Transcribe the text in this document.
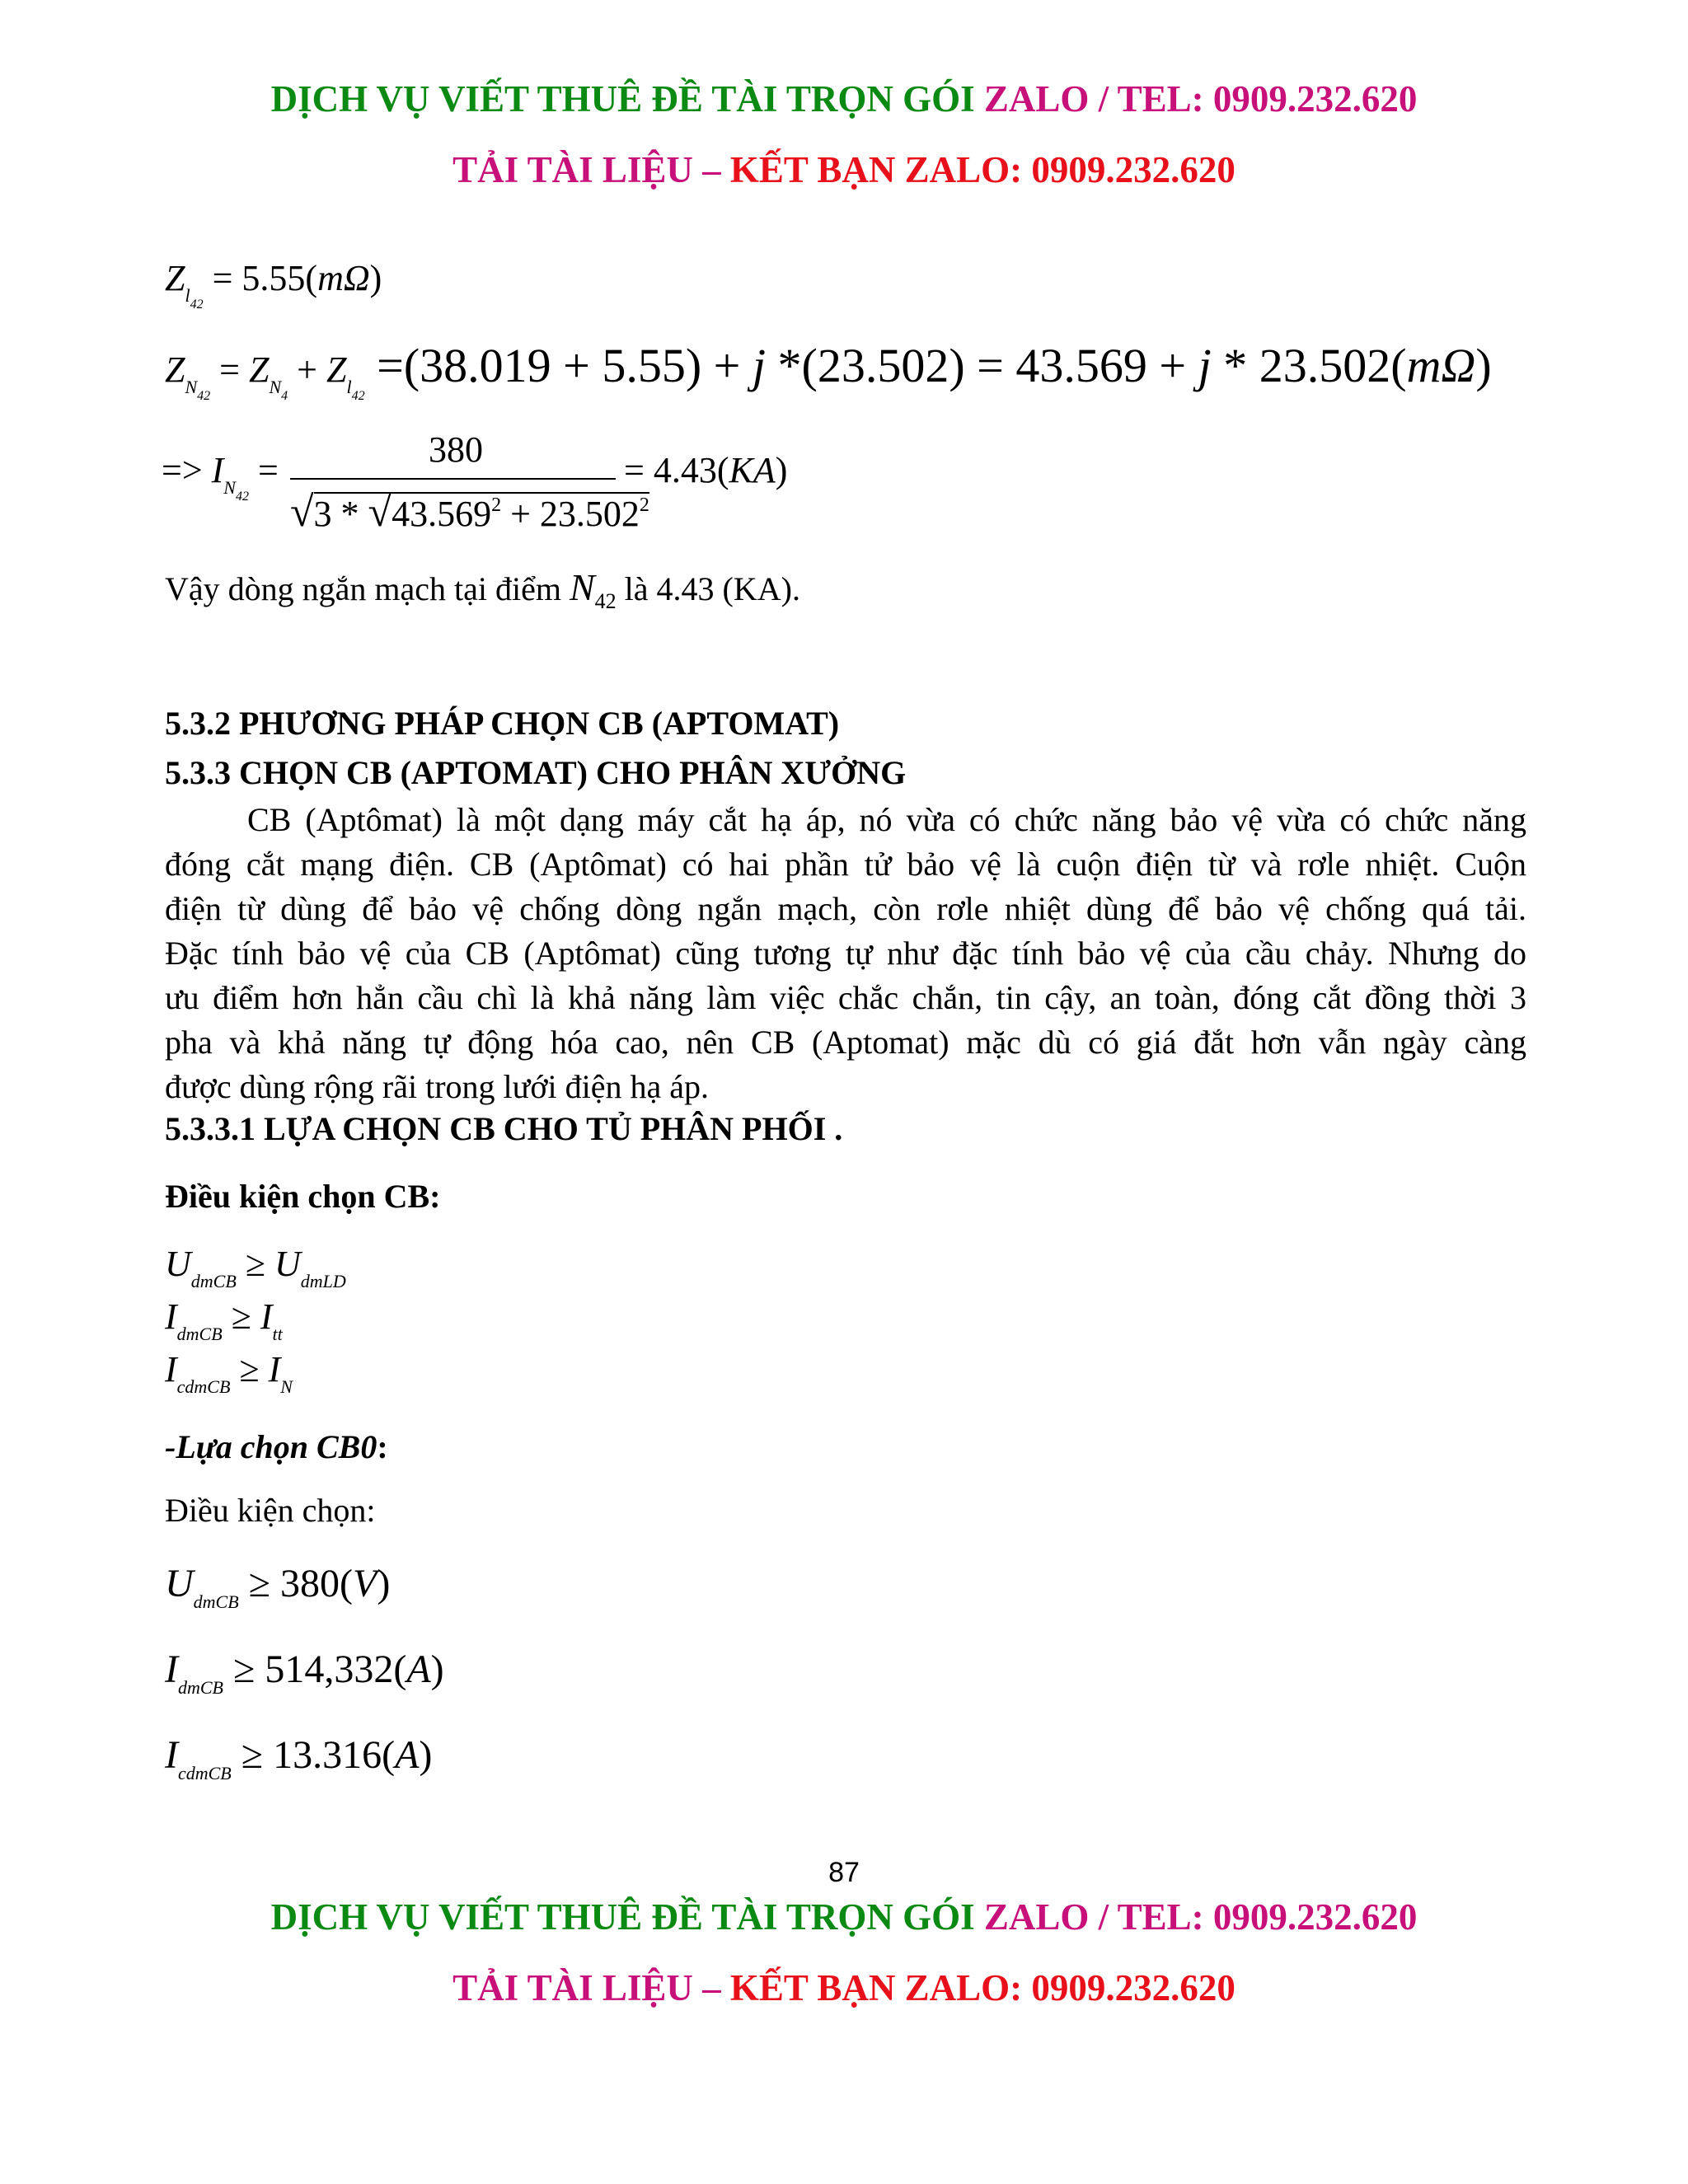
DỊCH VỤ VIẾT THUÊ ĐỀ TÀI TRỌN GÓI ZALO / TEL: 0909.232.620
TẢI TÀI LIỆU – KẾT BẠN ZALO: 0909.232.620
$Z_{l_{42}} = 5.55(m\Omega)$
$Z_{N_{42}} = Z_{N_4} + Z_{l_{42}} =(38.019 + 5.55) + j$ *(23.502) = 43.569 + j * 23.502(mΩ)
=> $I_{N_{42}}$ =
380
$√3 * √43.569^2 + 23.502^2$
= 4.43(KA)
Vậy dòng ngắn mạch tại điểm $N_{42}$ là 4.43 (KA).
5.3.2 PHƯƠNG PHÁP CHỌN CB (APTOMAT)
5.3.3 CHỌN CB (APTOMAT) CHO PHÂN XƯỞNG
CB (Aptômat) là một dạng máy cắt hạ áp, nó vừa có chức năng bảo vệ vừa có chức năng
đóng cắt mạng điện. CB (Aptômat) có hai phần tử bảo vệ là cuộn điện từ và rơle nhiệt. Cuộn
điện từ dùng để bảo vệ chống dòng ngắn mạch, còn rơle nhiệt dùng để bảo vệ chống quá tải.
Đặc tính bảo vệ của CB (Aptômat) cũng tương tự như đặc tính bảo vệ của cầu chảy. Nhưng do
ưu điểm hơn hẳn cầu chì là khả năng làm việc chắc chắn, tin cậy, an toàn, đóng cắt đồng thời 3
pha và khả năng tự động hóa cao, nên CB (Aptomat) mặc dù có giá đắt hơn vẫn ngày càng
được dùng rộng rãi trong lưới điện hạ áp.
5.3.3.1 LỰA CHỌN CB CHO TỦ PHÂN PHỐI .
Điều kiện chọn CB:
$U_{dmCB} \ge U_{dmLD}$
$I_{dmCB} \ge I_{tt}$
$I_{cdmCB} \ge I_N$
-Lựa chọn CB0:
Điều kiện chọn:
$U_{dmCB} \ge 380(V)$
$I_{dmCB} \ge 514,332(A)$
$I_{cdmCB} \ge 13.316(A)$
87
DỊCH VỤ VIẾT THUÊ ĐỀ TÀI TRỌN GÓI ZALO / TEL: 0909.232.620
TẢI TÀI LIỆU – KẾT BẠN ZALO: 0909.232.620
